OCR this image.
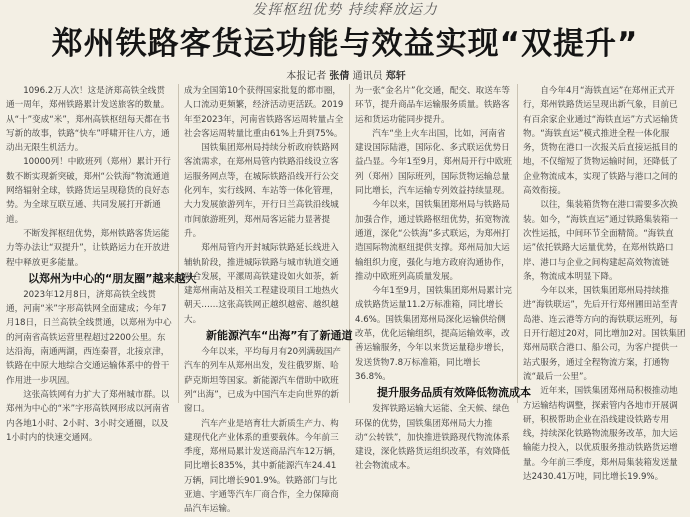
发挥枢纽优势 持续释放运力
郑州铁路客货运功能与效益实现“双提升”
本报记者 张倩 通讯员 郑轩

1096.2万人次！这是济郑高铁全线贯通一周年，郑州铁路累计发送旅客的数量。从“十”变成“米”，郑州高铁枢纽每天都在书写新的故事，铁路“快车”呼啸开往八方，通动出无限生机活力。

10000列！中欧班列（郑州）累计开行数不断实现新突破，郑州“公铁海”物流通道网络辐射全球，铁路货运呈现稳货的良好态势。为全球互联互通、共同发展打开新通道。

不断发挥枢纽优势，郑州铁路客货运能力等办法让“双提升”，让铁路运力在开放进程中释放更多能量。

以郑州为中心的“朋友圈”越来越大

2023年12月8日，济郑高铁全线贯通，河南“米”字形高铁网全面建成；今年7月18日，日兰高铁全线贯通，以郑州为中心的河南省高铁运营里程超过2200公里。东达沿海，南通两湖，西连秦晋，北接京津，铁路在中原大地综合交通运输体系中的骨干作用进一步巩固。

这张高铁网有力扩大了郑州城市群。以郑州为中心的“米”字形高铁网形成以河南省内各地1小时、2小时、3小时交通圈，以及1小时内的快速交通网。

成为全国第10个获得国家批复的都市圈，人口流动更频繁，经济活动更活跃。2019年至2023年，河南省铁路客运周转量占全社会客运周转量比重由61%上升到75%。

国铁集团郑州局持续分析政府铁路网客流需求，在郑州局管内铁路沿线设立客运服务网点等，在城际铁路沿线开行公交化列车，实行线网、车站等一体化管理，大力发展旅游列车，开行日兰高铁沿线城市间旅游班列，郑州局客运能力显著提升。

郑州局管内开封城际铁路延长线进入辅轨阶段，推进城际铁路与城市轨道交通融合发展，平漯周高铁建设如火如荼，新建郑州南站及相关工程建设项目工地热火朝天……这张高铁网正越织越密、越织越大。

新能源汽车“出海”有了新通道

今年以来，平均每月有20列满载国产汽车的列车从郑州出发，发往俄罗斯、哈萨克斯坦等国家。新能源汽车借助中欧班列“出海”，已成为中国汽车走向世界的新窗口。

汽车产业是培育壮大新质生产力、构建现代化产业体系的重要载体。今年前三季度，郑州局累计发送商品汽车12万辆，同比增长835%，其中新能源汽车24.41万辆，同比增长901.9%。铁路部门与比亚迪、宇通等汽车厂商合作，全力保障商品汽车运输。

为一张“金名片”化交通，配交、取送车等环节，提升商品车运输服务质量。铁路客运和货运功能同步提升。

汽车“坐上火车出国，比如，河南省建设国际陆港，国际化、多式联运优势日益凸显。今年1至9月，郑州局开行中欧班列（郑州）国际班列，国际货物运输总量同比增长，汽车运输专列效益持续显现。

今年以来，国铁集团郑州局与铁路局加强合作，通过铁路枢纽优势，拓宽物流通道，深化“公铁海”多式联运，为郑州打造国际物流枢纽提供支撑。郑州局加大运输组织力度，强化与地方政府沟通协作，推动中欧班列高质量发展。

今年1至9月，国铁集团郑州局累计完成铁路货运量11.2万标准箱，同比增长4.6%。国铁集团郑州局深化运输供给侧改革，优化运输组织，提高运输效率，改善运输服务，今年以来货运量稳步增长，发送货物7.8万标准箱，同比增长36.8%。

提升服务品质有效降低物流成本

发挥铁路运输大运能、全天候、绿色环保的优势，国铁集团郑州局大力推动“公转铁”，加快推进铁路现代物流体系建设，深化铁路货运组织改革，有效降低社会物流成本。

自今年4月“海铁直运”在郑州正式开行，郑州铁路货运呈现出新气象，目前已有百余家企业通过“海铁直运”方式运输货物。“海铁直运”模式推进全程一体化服务，货物在港口一次报关后直接运抵目的地，不仅缩短了货物运输时间，还降低了企业物流成本，实现了铁路与港口之间的高效衔接。

以往，集装箱货物在港口需要多次换装。如今，“海铁直运”通过铁路集装箱一次性运抵，中间环节全面精简。“海铁直运”依托铁路大运量优势，在郑州铁路口岸、港口与企业之间构建起高效物流链条，物流成本明显下降。

今年以来，国铁集团郑州局持续推进“海铁联运”，先后开行郑州圃田站至青岛港、连云港等方向的海铁联运班列，每日开行超过20对，同比增加2对。国铁集团郑州局联合港口、船公司，为客户提供一站式服务，通过全程物流方案，打通物流“最后一公里”。

近年来，国铁集团郑州局积极推动地方运输结构调整，探索管内各地市开展调研，积极帮助企业在沿线建设铁路专用线，持续深化铁路物流服务改革，加大运输能力投入，以优质服务推动铁路货运增量。今年前三季度，郑州局集装箱发送量达2430.41万吨，同比增长19.9%。
